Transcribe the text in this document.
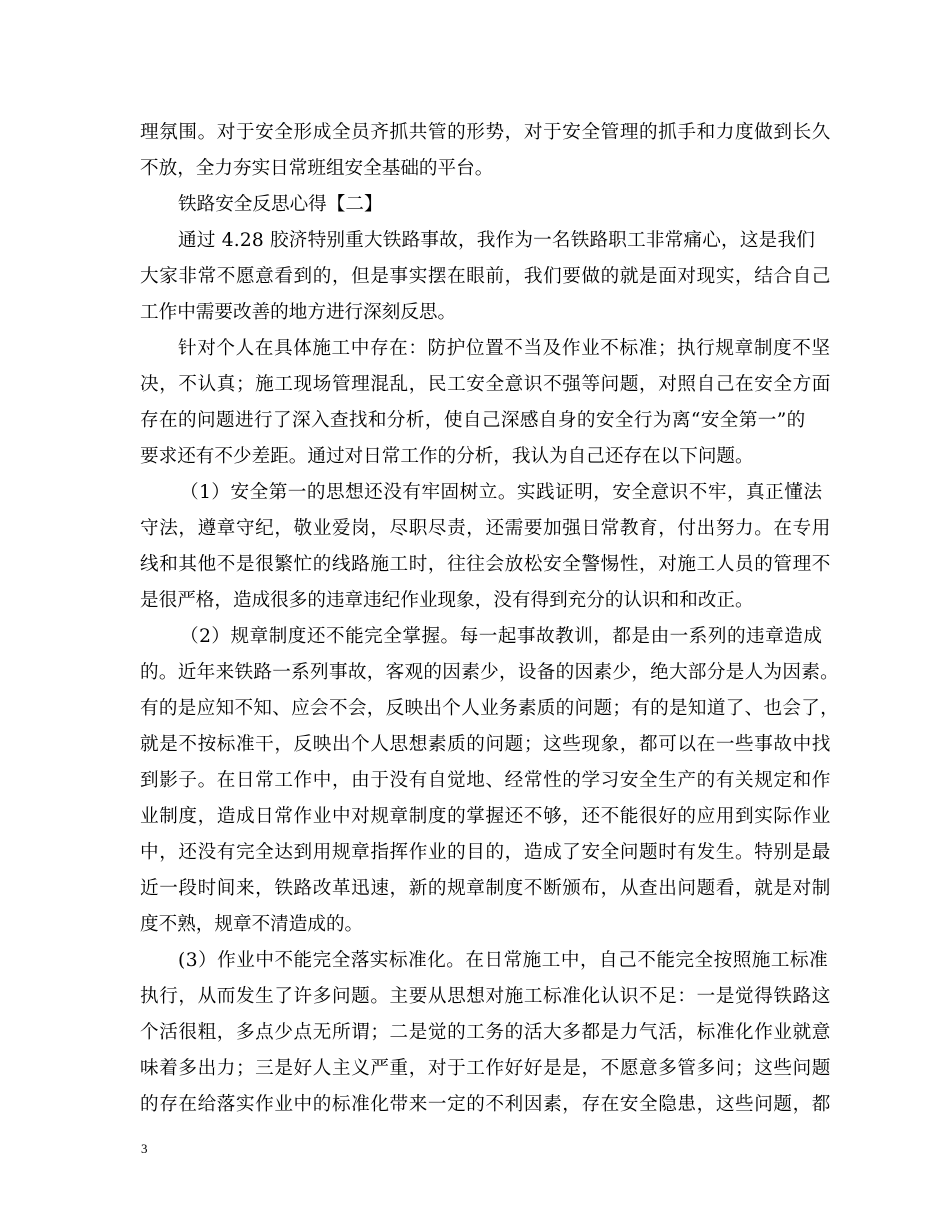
理氛围。对于安全形成全员齐抓共管的形势，对于安全管理的抓手和力度做到长久
不放，全力夯实日常班组安全基础的平台。
铁路安全反思心得【二】
通过 4.28 胶济特别重大铁路事故，我作为一名铁路职工非常痛心，这是我们
大家非常不愿意看到的，但是事实摆在眼前，我们要做的就是面对现实，结合自己
工作中需要改善的地方进行深刻反思。
针对个人在具体施工中存在：防护位置不当及作业不标准；执行规章制度不坚
决，不认真；施工现场管理混乱，民工安全意识不强等问题，对照自己在安全方面
存在的问题进行了深入查找和分析，使自己深感自身的安全行为离“安全第一”的
要求还有不少差距。通过对日常工作的分析，我认为自己还存在以下问题。
（1）安全第一的思想还没有牢固树立。实践证明，安全意识不牢，真正懂法
守法，遵章守纪，敬业爱岗，尽职尽责，还需要加强日常教育，付出努力。在专用
线和其他不是很繁忙的线路施工时，往往会放松安全警惕性，对施工人员的管理不
是很严格，造成很多的违章违纪作业现象，没有得到充分的认识和和改正。
（2）规章制度还不能完全掌握。每一起事故教训，都是由一系列的违章造成
的。近年来铁路一系列事故，客观的因素少，设备的因素少，绝大部分是人为因素。
有的是应知不知、应会不会，反映出个人业务素质的问题；有的是知道了、也会了，
就是不按标准干，反映出个人思想素质的问题；这些现象，都可以在一些事故中找
到影子。在日常工作中，由于没有自觉地、经常性的学习安全生产的有关规定和作
业制度，造成日常作业中对规章制度的掌握还不够，还不能很好的应用到实际作业
中，还没有完全达到用规章指挥作业的目的，造成了安全问题时有发生。特别是最
近一段时间来，铁路改革迅速，新的规章制度不断颁布，从查出问题看，就是对制
度不熟，规章不清造成的。
(3）作业中不能完全落实标准化。在日常施工中，自己不能完全按照施工标准
执行，从而发生了许多问题。主要从思想对施工标准化认识不足：一是觉得铁路这
个活很粗，多点少点无所谓；二是觉的工务的活大多都是力气活，标准化作业就意
味着多出力；三是好人主义严重，对于工作好好是是，不愿意多管多问；这些问题
的存在给落实作业中的标准化带来一定的不利因素，存在安全隐患，这些问题，都
3
